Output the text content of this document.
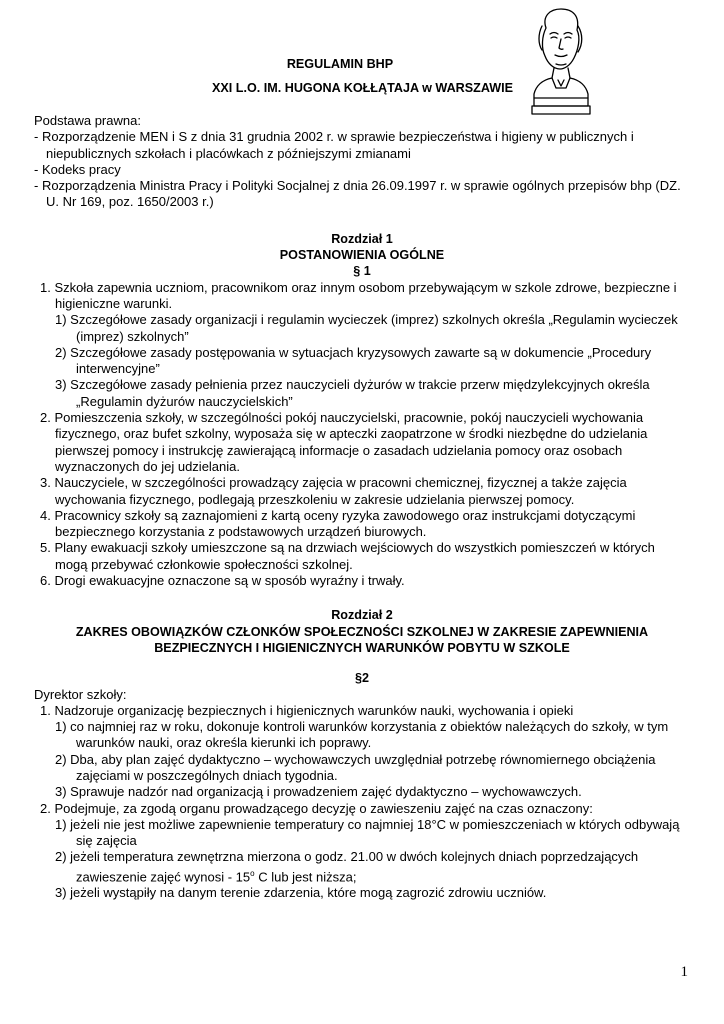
REGULAMIN BHP
XXI L.O. IM. HUGONA KOŁŁĄTAJA w WARSZAWIE

Podstawa prawna:

- Rozporządzenie MEN i S z dnia 31 grudnia 2002 r. w sprawie bezpieczeństwa i higieny w publicznych i niepublicznych szkołach i placówkach z późniejszymi zmianami

- Kodeks pracy

- Rozporządzenia Ministra Pracy i Polityki Socjalnej z dnia 26.09.1997 r. w sprawie ogólnych przepisów bhp (DZ. U. Nr 169, poz. 1650/2003 r.)

Rozdział 1

POSTANOWIENIA OGÓLNE

§ 1

1. Szkoła zapewnia uczniom, pracownikom oraz innym osobom przebywającym w szkole zdrowe, bezpieczne i higieniczne warunki.

1) Szczegółowe zasady organizacji i regulamin wycieczek (imprez) szkolnych określa „Regulamin wycieczek (imprez) szkolnych”

2) Szczegółowe zasady postępowania w sytuacjach kryzysowych zawarte są w dokumencie „Procedury interwencyjne”

3) Szczegółowe zasady pełnienia przez nauczycieli dyżurów w trakcie przerw międzylekcyjnych określa „Regulamin dyżurów nauczycielskich”

2. Pomieszczenia szkoły, w szczególności pokój nauczycielski, pracownie, pokój nauczycieli wychowania fizycznego, oraz bufet szkolny, wyposaża się w apteczki zaopatrzone w środki niezbędne do udzielania pierwszej pomocy i instrukcję zawierającą informacje o zasadach udzielania pomocy oraz osobach wyznaczonych do jej udzielania.

3. Nauczyciele, w szczególności prowadzący zajęcia w pracowni chemicznej, fizycznej a także zajęcia wychowania fizycznego, podlegają przeszkoleniu w zakresie udzielania pierwszej pomocy.

4. Pracownicy szkoły są zaznajomieni z kartą oceny ryzyka zawodowego oraz instrukcjami dotyczącymi bezpiecznego korzystania z podstawowych urządzeń biurowych.

5. Plany ewakuacji szkoły umieszczone są na drzwiach wejściowych do wszystkich pomieszczeń w których mogą przebywać członkowie społeczności szkolnej.

6. Drogi ewakuacyjne oznaczone są w sposób wyraźny i trwały.

Rozdział 2

ZAKRES OBOWIĄZKÓW CZŁONKÓW SPOŁECZNOŚCI SZKOLNEJ W ZAKRESIE ZAPEWNIENIA BEZPIECZNYCH I HIGIENICZNYCH WARUNKÓW POBYTU W SZKOLE

§2

Dyrektor szkoły:

1. Nadzoruje organizację bezpiecznych i higienicznych warunków nauki, wychowania i opieki

1) co najmniej raz w roku, dokonuje kontroli warunków korzystania z obiektów należących do szkoły, w tym warunków nauki, oraz określa kierunki ich poprawy.

2) Dba, aby plan zajęć dydaktyczno – wychowawczych uwzględniał potrzebę równomiernego obciążenia zajęciami w poszczególnych dniach tygodnia.

3) Sprawuje nadzór nad organizacją i prowadzeniem zajęć dydaktyczno – wychowawczych.

2. Podejmuje, za zgodą organu prowadzącego decyzję o zawieszeniu zajęć na czas oznaczony:

1) jeżeli nie jest możliwe zapewnienie temperatury co najmniej 18°C w pomieszczeniach w których odbywają się zajęcia

2) jeżeli temperatura zewnętrzna mierzona o godz. 21.00 w dwóch kolejnych dniach poprzedzających zawieszenie zajęć wynosi - 15$^o$ C lub jest niższa;

3) jeżeli wystąpiły na danym terenie zdarzenia, które mogą zagrozić zdrowiu uczniów.

1
